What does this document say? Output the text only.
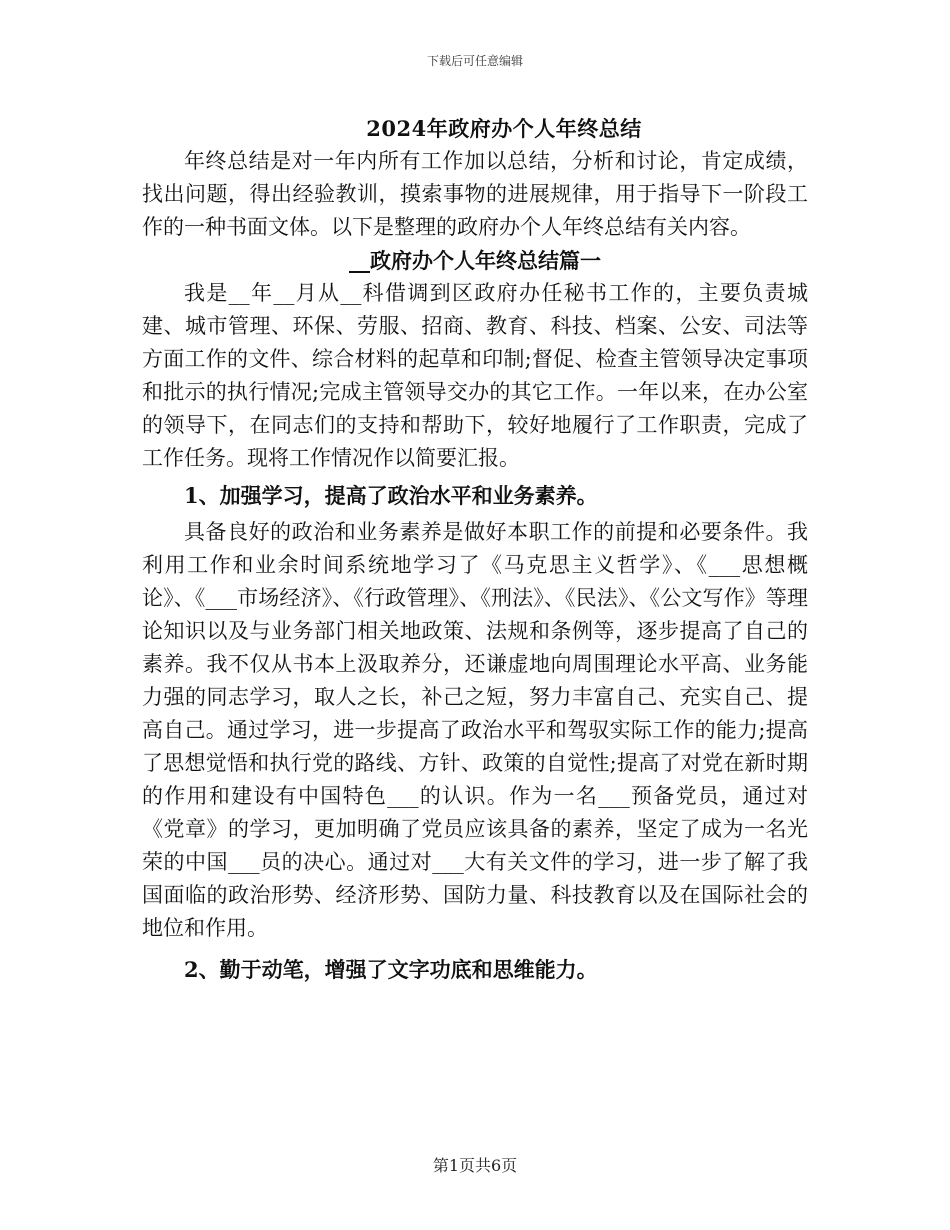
下载后可任意编辑
2024年政府办个人年终总结

年终总结是对一年内所有工作加以总结，分析和讨论，肯定成绩，找出问题，得出经验教训，摸索事物的进展规律，用于指导下一阶段工作的一种书面文体。以下是整理的政府办个人年终总结有关内容。

__政府办个人年终总结篇一

我是__年__月从__科借调到区政府办任秘书工作的，主要负责城建、城市管理、环保、劳服、招商、教育、科技、档案、公安、司法等方面工作的文件、综合材料的起草和印制;督促、检查主管领导决定事项和批示的执行情况;完成主管领导交办的其它工作。一年以来，在办公室的领导下，在同志们的支持和帮助下，较好地履行了工作职责，完成了工作任务。现将工作情况作以简要汇报。

1、加强学习，提高了政治水平和业务素养。

具备良好的政治和业务素养是做好本职工作的前提和必要条件。我利用工作和业余时间系统地学习了《马克思主义哲学》、《___思想概论》、《___市场经济》、《行政管理》、《刑法》、《民法》、《公文写作》等理论知识以及与业务部门相关地政策、法规和条例等，逐步提高了自己的素养。我不仅从书本上汲取养分，还谦虚地向周围理论水平高、业务能力强的同志学习，取人之长，补己之短，努力丰富自己、充实自己、提高自己。通过学习，进一步提高了政治水平和驾驭实际工作的能力;提高了思想觉悟和执行党的路线、方针、政策的自觉性;提高了对党在新时期的作用和建设有中国特色___的认识。作为一名___预备党员，通过对《党章》的学习，更加明确了党员应该具备的素养，坚定了成为一名光荣的中国___员的决心。通过对___大有关文件的学习，进一步了解了我国面临的政治形势、经济形势、国防力量、科技教育以及在国际社会的地位和作用。

2、勤于动笔，增强了文字功底和思维能力。
第1页共6页
